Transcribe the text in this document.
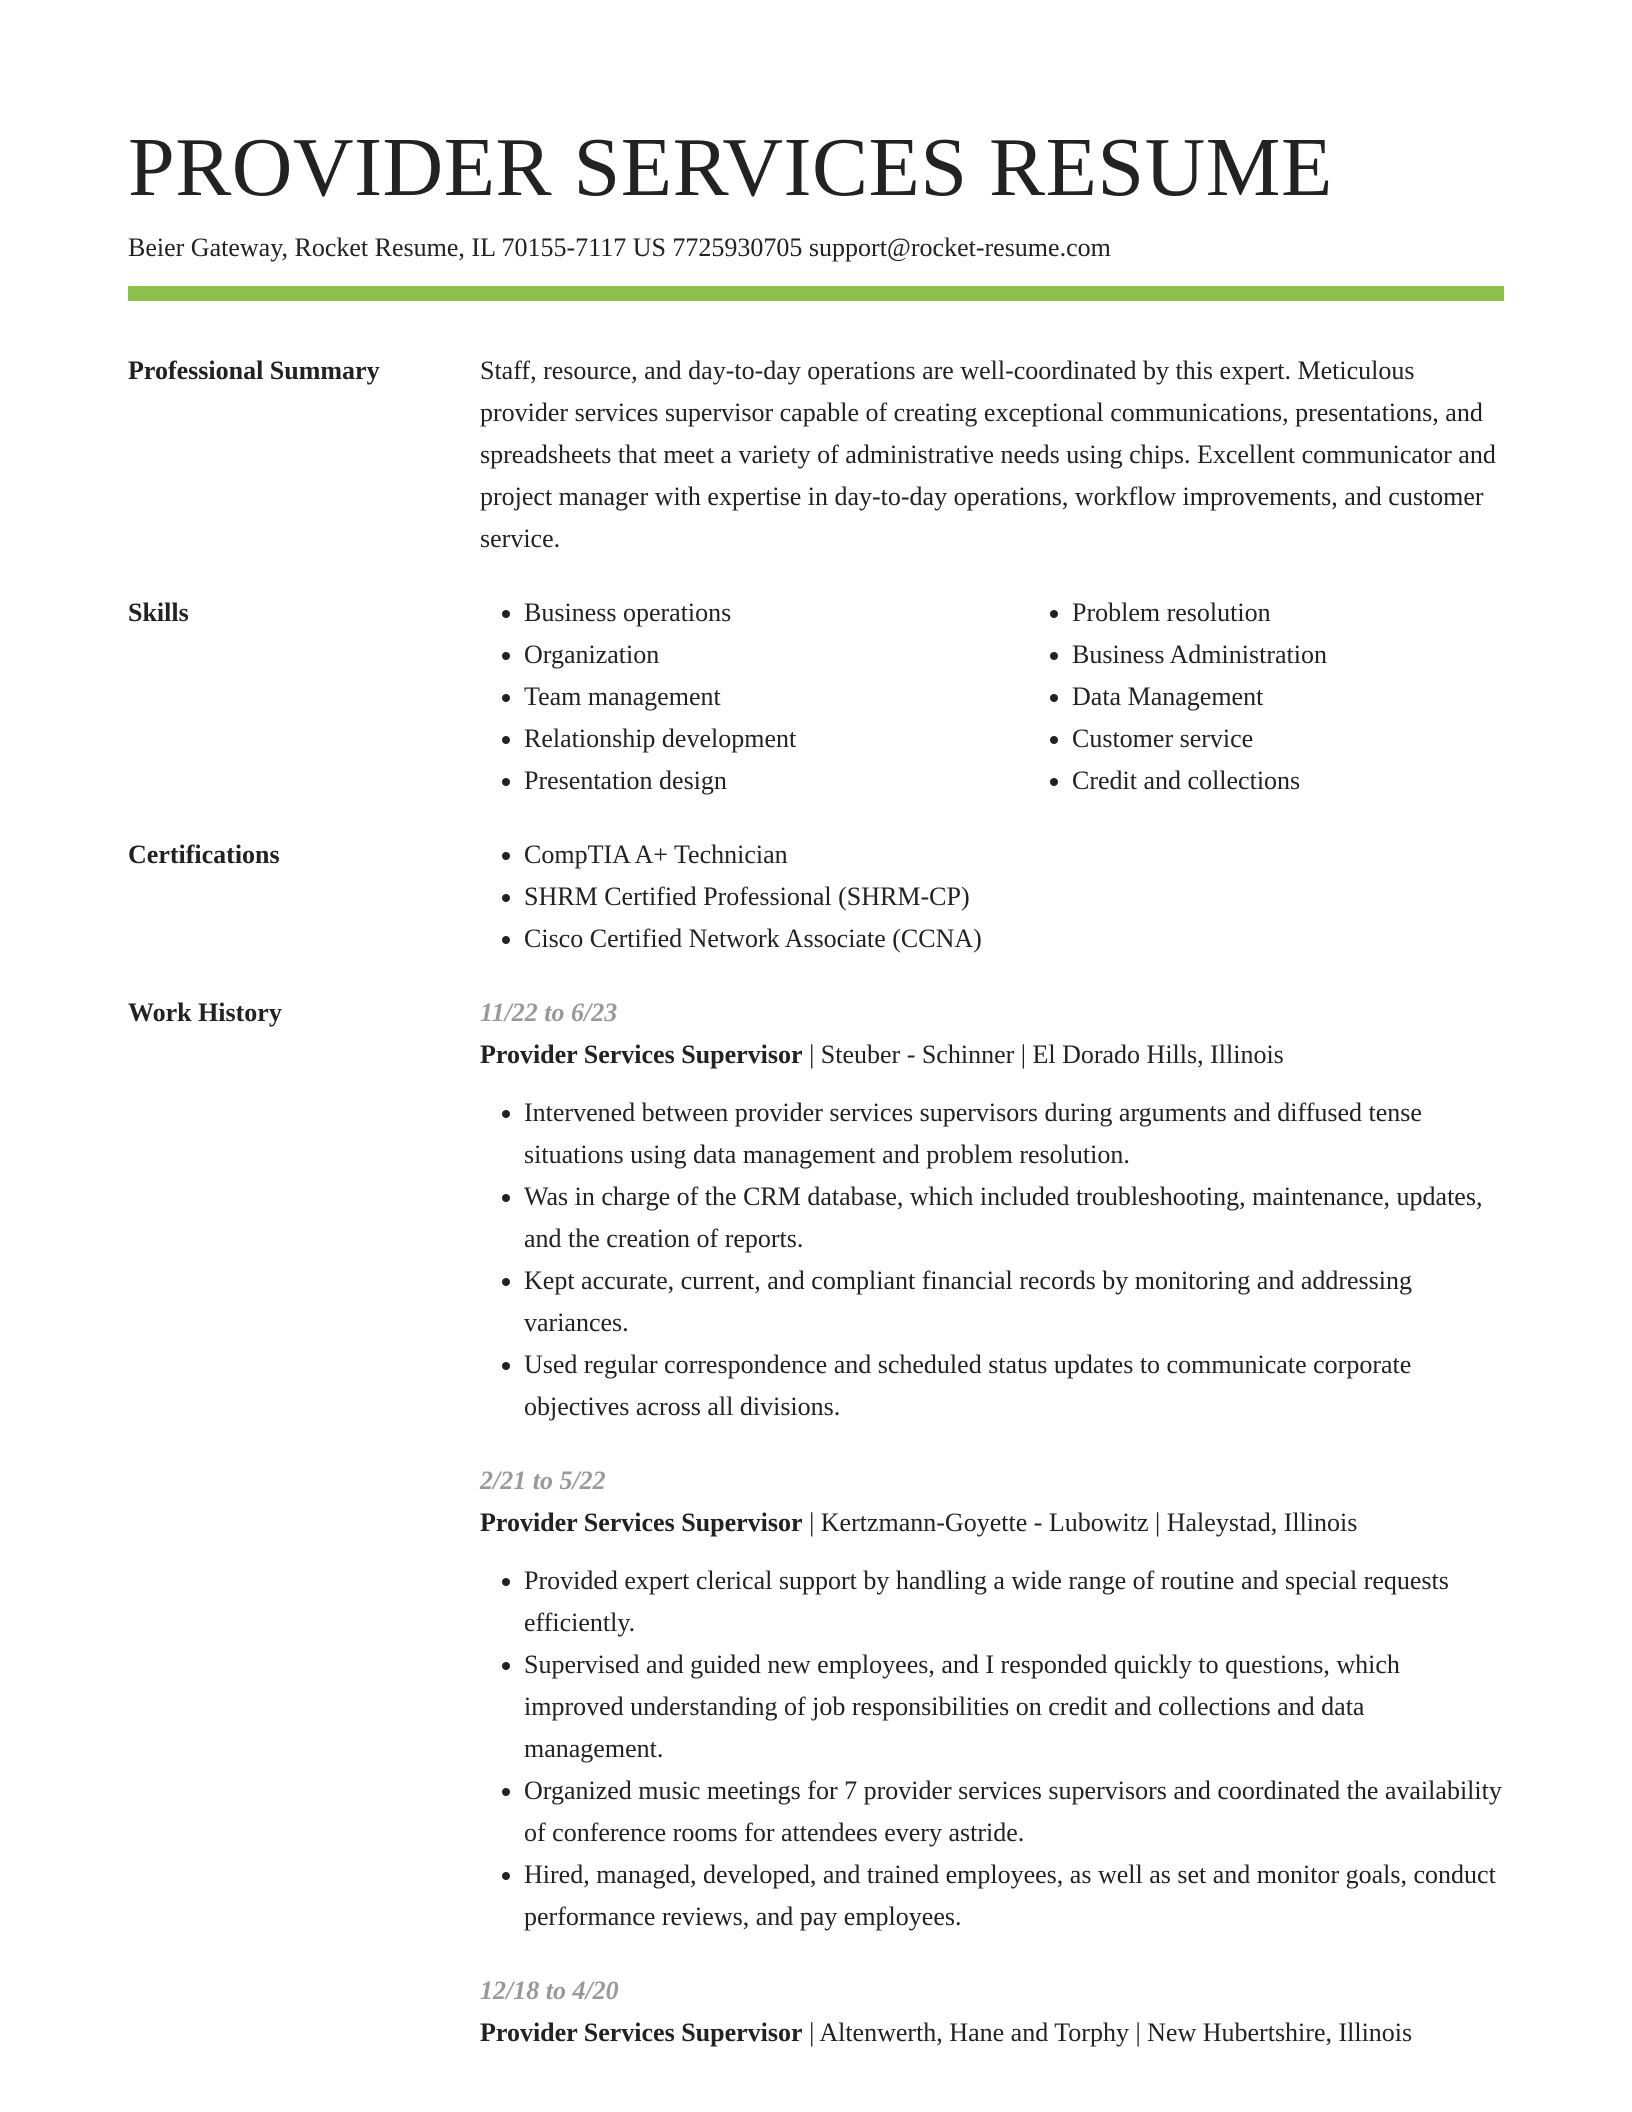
PROVIDER SERVICES RESUME
Beier Gateway, Rocket Resume, IL 70155-7117 US 7725930705 support@rocket-resume.com
Professional Summary	Staff, resource, and day-to-day operations are well-coordinated by this expert. Meticulous provider services supervisor capable of creating exceptional communications, presentations, and spreadsheets that meet a variety of administrative needs using chips. Excellent communicator and project manager with expertise in day-to-day operations, workflow improvements, and customer service.

Skills	• Business operations
• Organization
• Team management
• Relationship development
• Presentation design
• Problem resolution
• Business Administration
• Data Management
• Customer service
• Credit and collections
Certifications	• CompTIA A+ Technician
• SHRM Certified Professional (SHRM-CP)
• Cisco Certified Network Associate (CCNA)
Work History	11/22 to 6/23
Provider Services Supervisor | Steuber - Schinner | El Dorado Hills, Illinois
• Intervened between provider services supervisors during arguments and diffused tense situations using data management and problem resolution.
• Was in charge of the CRM database, which included troubleshooting, maintenance, updates, and the creation of reports.
• Kept accurate, current, and compliant financial records by monitoring and addressing variances.
• Used regular correspondence and scheduled status updates to communicate corporate objectives across all divisions.
2/21 to 5/22
Provider Services Supervisor | Kertzmann-Goyette - Lubowitz | Haleystad, Illinois
• Provided expert clerical support by handling a wide range of routine and special requests efficiently.
• Supervised and guided new employees, and I responded quickly to questions, which improved understanding of job responsibilities on credit and collections and data management.
• Organized music meetings for 7 provider services supervisors and coordinated the availability of conference rooms for attendees every astride.
• Hired, managed, developed, and trained employees, as well as set and monitor goals, conduct performance reviews, and pay employees.
12/18 to 4/20
Provider Services Supervisor | Altenwerth, Hane and Torphy | New Hubertshire, Illinois
